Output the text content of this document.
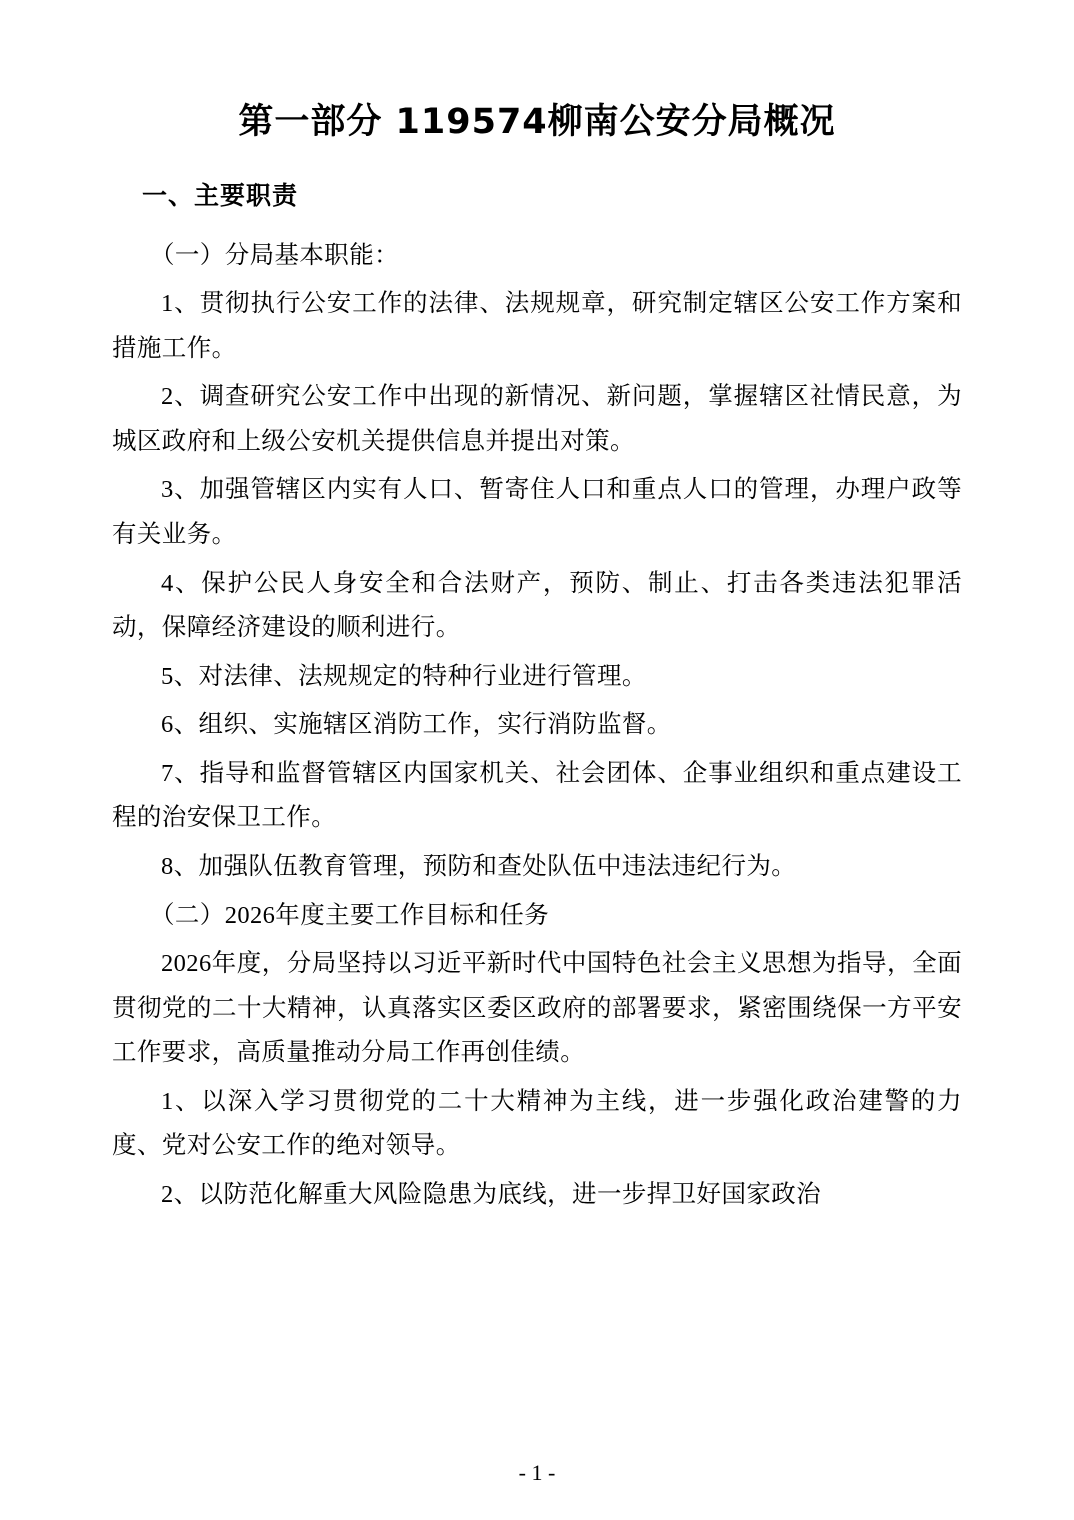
第一部分 119574柳南公安分局概况
一、主要职责

（一）分局基本职能：

1、贯彻执行公安工作的法律、法规规章，研究制定辖区公安工作方案和措施工作。

2、调查研究公安工作中出现的新情况、新问题，掌握辖区社情民意，为城区政府和上级公安机关提供信息并提出对策。

3、加强管辖区内实有人口、暂寄住人口和重点人口的管理，办理户政等有关业务。

4、保护公民人身安全和合法财产，预防、制止、打击各类违法犯罪活动，保障经济建设的顺利进行。

5、对法律、法规规定的特种行业进行管理。

6、组织、实施辖区消防工作，实行消防监督。

7、指导和监督管辖区内国家机关、社会团体、企事业组织和重点建设工程的治安保卫工作。

8、加强队伍教育管理，预防和查处队伍中违法违纪行为。

（二）2026年度主要工作目标和任务

2026年度，分局坚持以习近平新时代中国特色社会主义思想为指导，全面贯彻党的二十大精神，认真落实区委区政府的部署要求，紧密围绕保一方平安工作要求，高质量推动分局工作再创佳绩。

1、以深入学习贯彻党的二十大精神为主线，进一步强化政治建警的力度、党对公安工作的绝对领导。

2、以防范化解重大风险隐患为底线，进一步捍卫好国家政治

- 1 -
